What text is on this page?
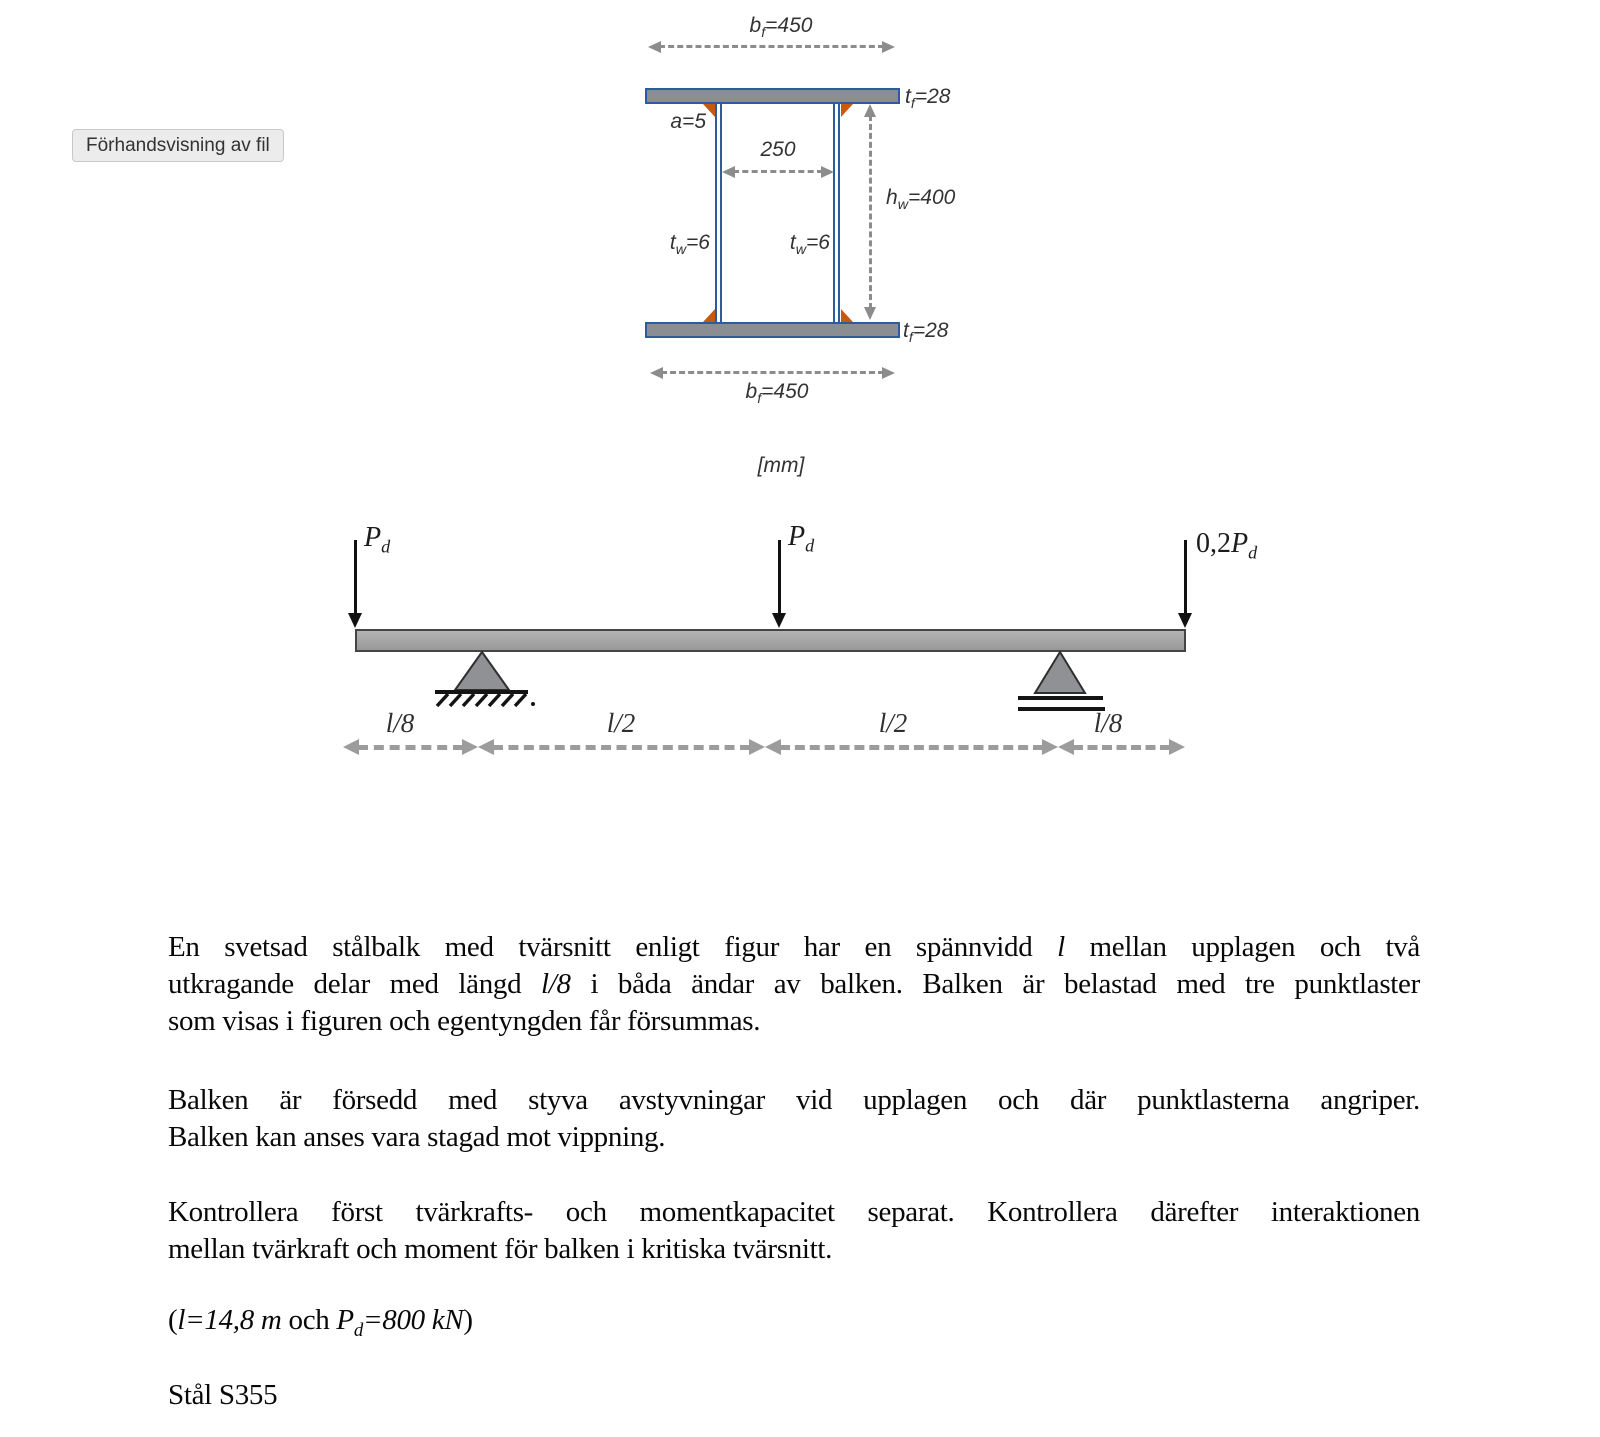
Förhandsvisning av fil
$b_f=450$
a=5
250
$h_w=400$
$t_w=6$	$t_w=6$
$t_f=28$
$t_f=28$
$b_f=450$
[mm]
$P_d$	$P_d$	$0,2P_d$
l/8	l/2	l/2	l/8
En svetsad stålbalk med tvärsnitt enligt figur har en spännvidd l mellan upplagen och två
utkragande delar med längd l/8 i båda ändar av balken. Balken är belastad med tre punktlaster
som visas i figuren och egentyngden får försummas.
Balken är försedd med styva avstyvningar vid upplagen och där punktlasterna angriper.
Balken kan anses vara stagad mot vippning.
Kontrollera först tvärkrafts- och momentkapacitet separat. Kontrollera därefter interaktionen
mellan tvärkraft och moment för balken i kritiska tvärsnitt.
(l=14,8 m och $P_d=800$ kN)
Stål S355
